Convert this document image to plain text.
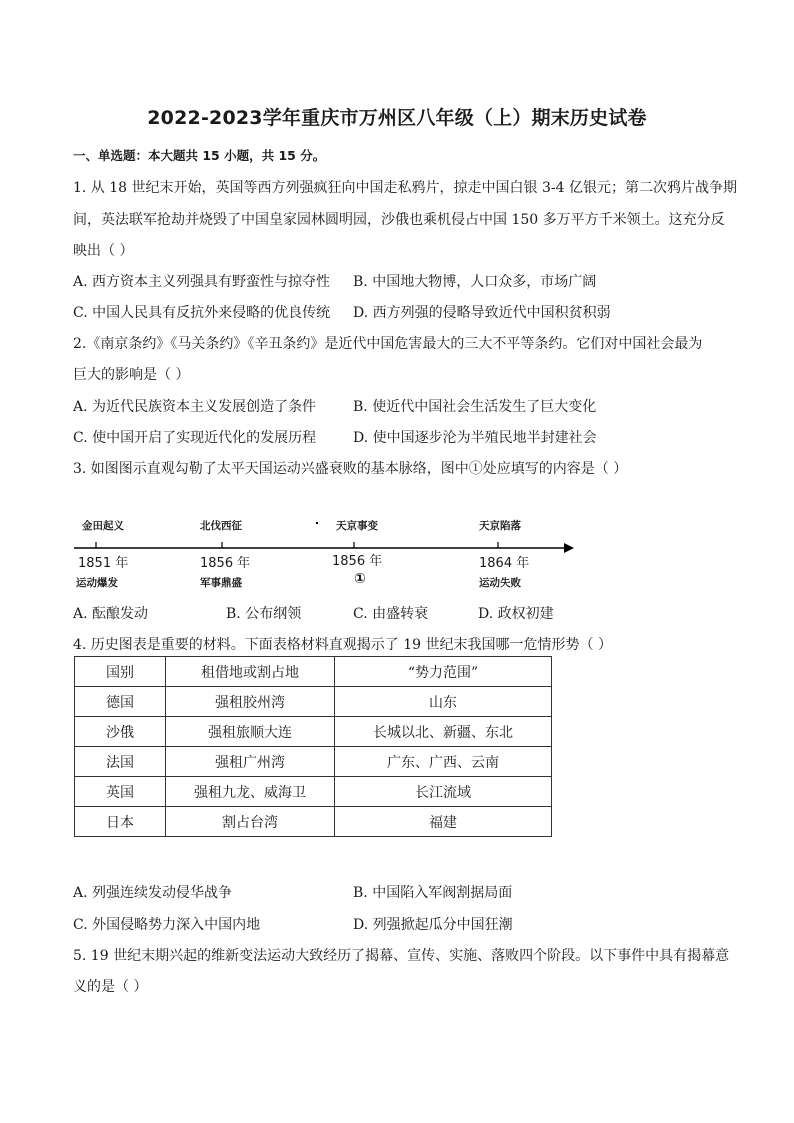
2022-2023学年重庆市万州区八年级（上）期末历史试卷
一、单选题：本大题共 15 小题，共 15 分。
1. 从 18 世纪末开始，英国等西方列强疯狂向中国走私鸦片，掠走中国白银 3-4 亿银元；第二次鸦片战争期
间，英法联军抢劫并烧毁了中国皇家园林圆明园，沙俄也乘机侵占中国 150 多万平方千米领土。这充分反
映出（ ）
A. 西方资本主义列强具有野蛮性与掠夺性 B. 中国地大物博，人口众多，市场广阔
C. 中国人民具有反抗外来侵略的优良传统 D. 西方列强的侵略导致近代中国积贫积弱
2.《南京条约》《马关条约》《辛丑条约》是近代中国危害最大的三大不平等条约。它们对中国社会最为
巨大的影响是（ ）
A. 为近代民族资本主义发展创造了条件	B. 使近代中国社会生活发生了巨大变化
C. 使中国开启了实现近代化的发展历程	D. 使中国逐步沦为半殖民地半封建社会
3. 如图图示直观勾勒了太平天国运动兴盛衰败的基本脉络，图中①处应填写的内容是（ ）
金田起义	北伐西征	天京事变	天京陷落
1851 年	1856 年	1856 年	1864 年
运动爆发	军事鼎盛	①	运动失败
A. 酝酿发动	B. 公布纲领	C. 由盛转衰	D. 政权初建
4. 历史图表是重要的材料。下面表格材料直观揭示了 19 世纪末我国哪一危情形势（ ）
国别	租借地或割占地	“势力范围”
德国	强租胶州湾	山东
沙俄	强租旅顺大连	长城以北、新疆、东北
法国	强租广州湾	广东、广西、云南
英国	强租九龙、威海卫	长江流域
日本	割占台湾	福建
A. 列强连续发动侵华战争	B. 中国陷入军阀割据局面
C. 外国侵略势力深入中国内地	D. 列强掀起瓜分中国狂潮
5. 19 世纪末期兴起的维新变法运动大致经历了揭幕、宣传、实施、落败四个阶段。以下事件中具有揭幕意
义的是（ ）
